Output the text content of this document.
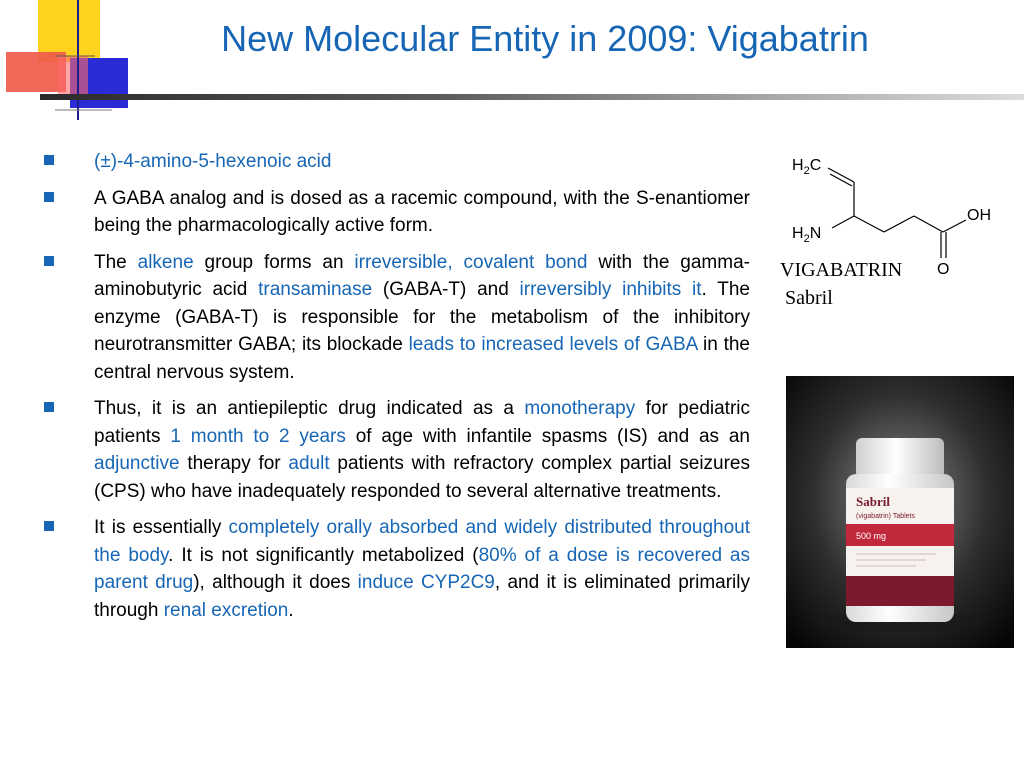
New Molecular Entity in 2009: Vigabatrin
(±)-4-amino-5-hexenoic acid
A GABA analog and is dosed as a racemic compound, with the S-enantiomer being the pharmacologically active form.
The alkene group forms an irreversible, covalent bond with the gamma-aminobutyric acid transaminase (GABA-T) and irreversibly inhibits it. The enzyme (GABA-T) is responsible for the metabolism of the inhibitory neurotransmitter GABA; its blockade leads to increased levels of GABA in the central nervous system.
Thus, it is an antiepileptic drug indicated as a monotherapy for pediatric patients 1 month to 2 years of age with infantile spasms (IS) and as an adjunctive therapy for adult patients with refractory complex partial seizures (CPS) who have inadequately responded to several alternative treatments.
It is essentially completely orally absorbed and widely distributed throughout the body. It is not significantly metabolized (80% of a dose is recovered as parent drug), although it does induce CYP2C9, and it is eliminated primarily through renal excretion.
$H_2C$
$H_2N$
OH
O
VIGABATRIN
Sabril
Sabril
(vigabatrin) Tablets
500 mg
